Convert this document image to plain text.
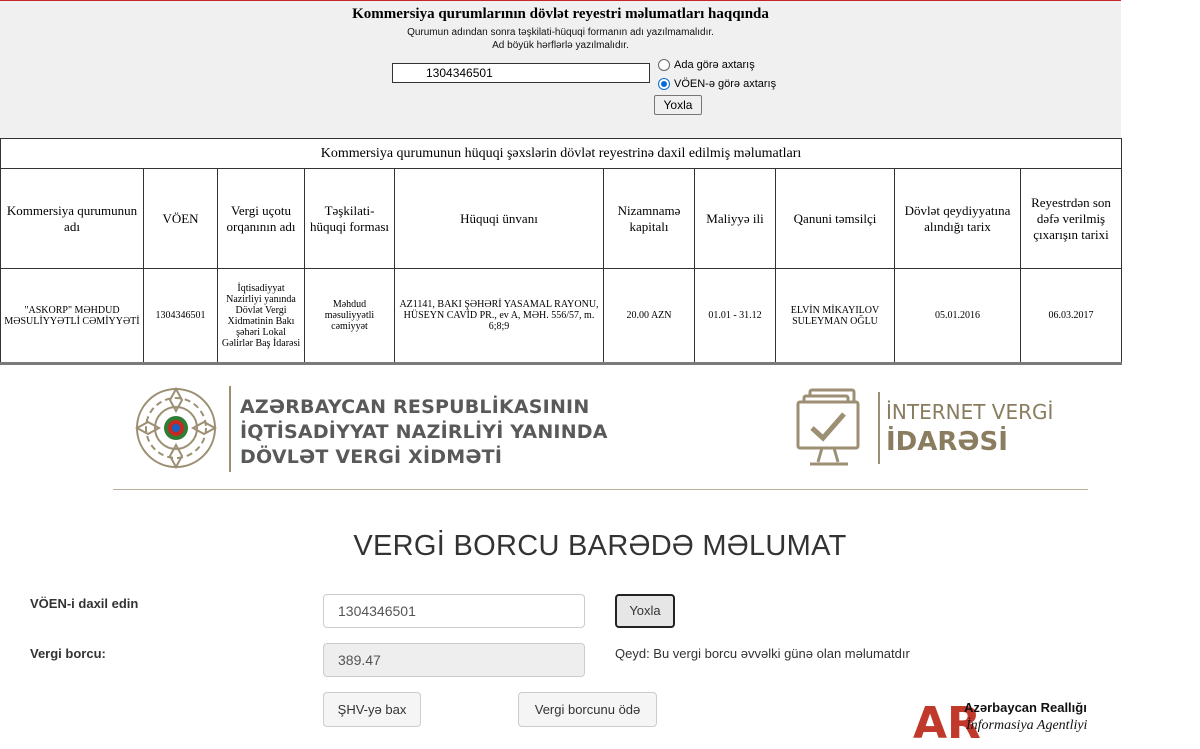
Kommersiya qurumlarının dövlət reyestri məlumatları haqqında
Qurumun adından sonra təşkilati-hüquqi formanın adı yazılmamalıdır.
Ad böyük hərflərlə yazılmalıdır.
1304346501
Ada görə axtarış
VÖEN-ə görə axtarış
Yoxla
Kommersiya qurumunun hüquqi şəxslərin dövlət reyestrinə daxil edilmiş məlumatları									
Kommersiya qurumunun adı	VÖEN	Vergi uçotu orqanının adı	Təşkilati-hüquqi forması	Hüquqi ünvanı	Nizamnamə kapitalı	Maliyyə ili	Qanuni təmsilçi	Dövlət qeydiyyatına alındığı tarix	Reyestrdən son dəfə verilmiş çıxarışın tarixi
"ASKORP" MƏHDUD MƏSULİYYƏTLİ CƏMİYYƏTİ	1304346501	İqtisadiyyat Nazirliyi yanında Dövlət Vergi Xidmətinin Bakı şəhəri Lokal Gəlirlər Baş İdarəsi	Məhdud məsuliyyətli cəmiyyət	AZ1141, BAKI ŞƏHƏRİ YASAMAL RAYONU, HÜSEYN CAVİD PR., ev A, MƏH. 556/57, m. 6;8;9	20.00 AZN	01.01 - 31.12	ELVİN MİKAYILOV SULEYMAN OĞLU	05.01.2016	06.03.2017
AZƏRBAYCAN RESPUBLİKASININ
İQTİSADİYYAT NAZİRLİYİ YANINDA
DÖVLƏT VERGİ XİDMƏTİ
İNTERNET VERGİ
İDARƏSİ
VERGİ BORCU BARƏDƏ MƏLUMAT
VÖEN-i daxil edin	1304346501	Yoxla
Vergi borcu:	389.47	Qeyd: Bu vergi borcu əvvəlki günə olan məlumatdır
ŞHV-yə bax	Vergi borcunu ödə	AR
Azərbaycan Reallığı
İnformasiya Agentliyi
